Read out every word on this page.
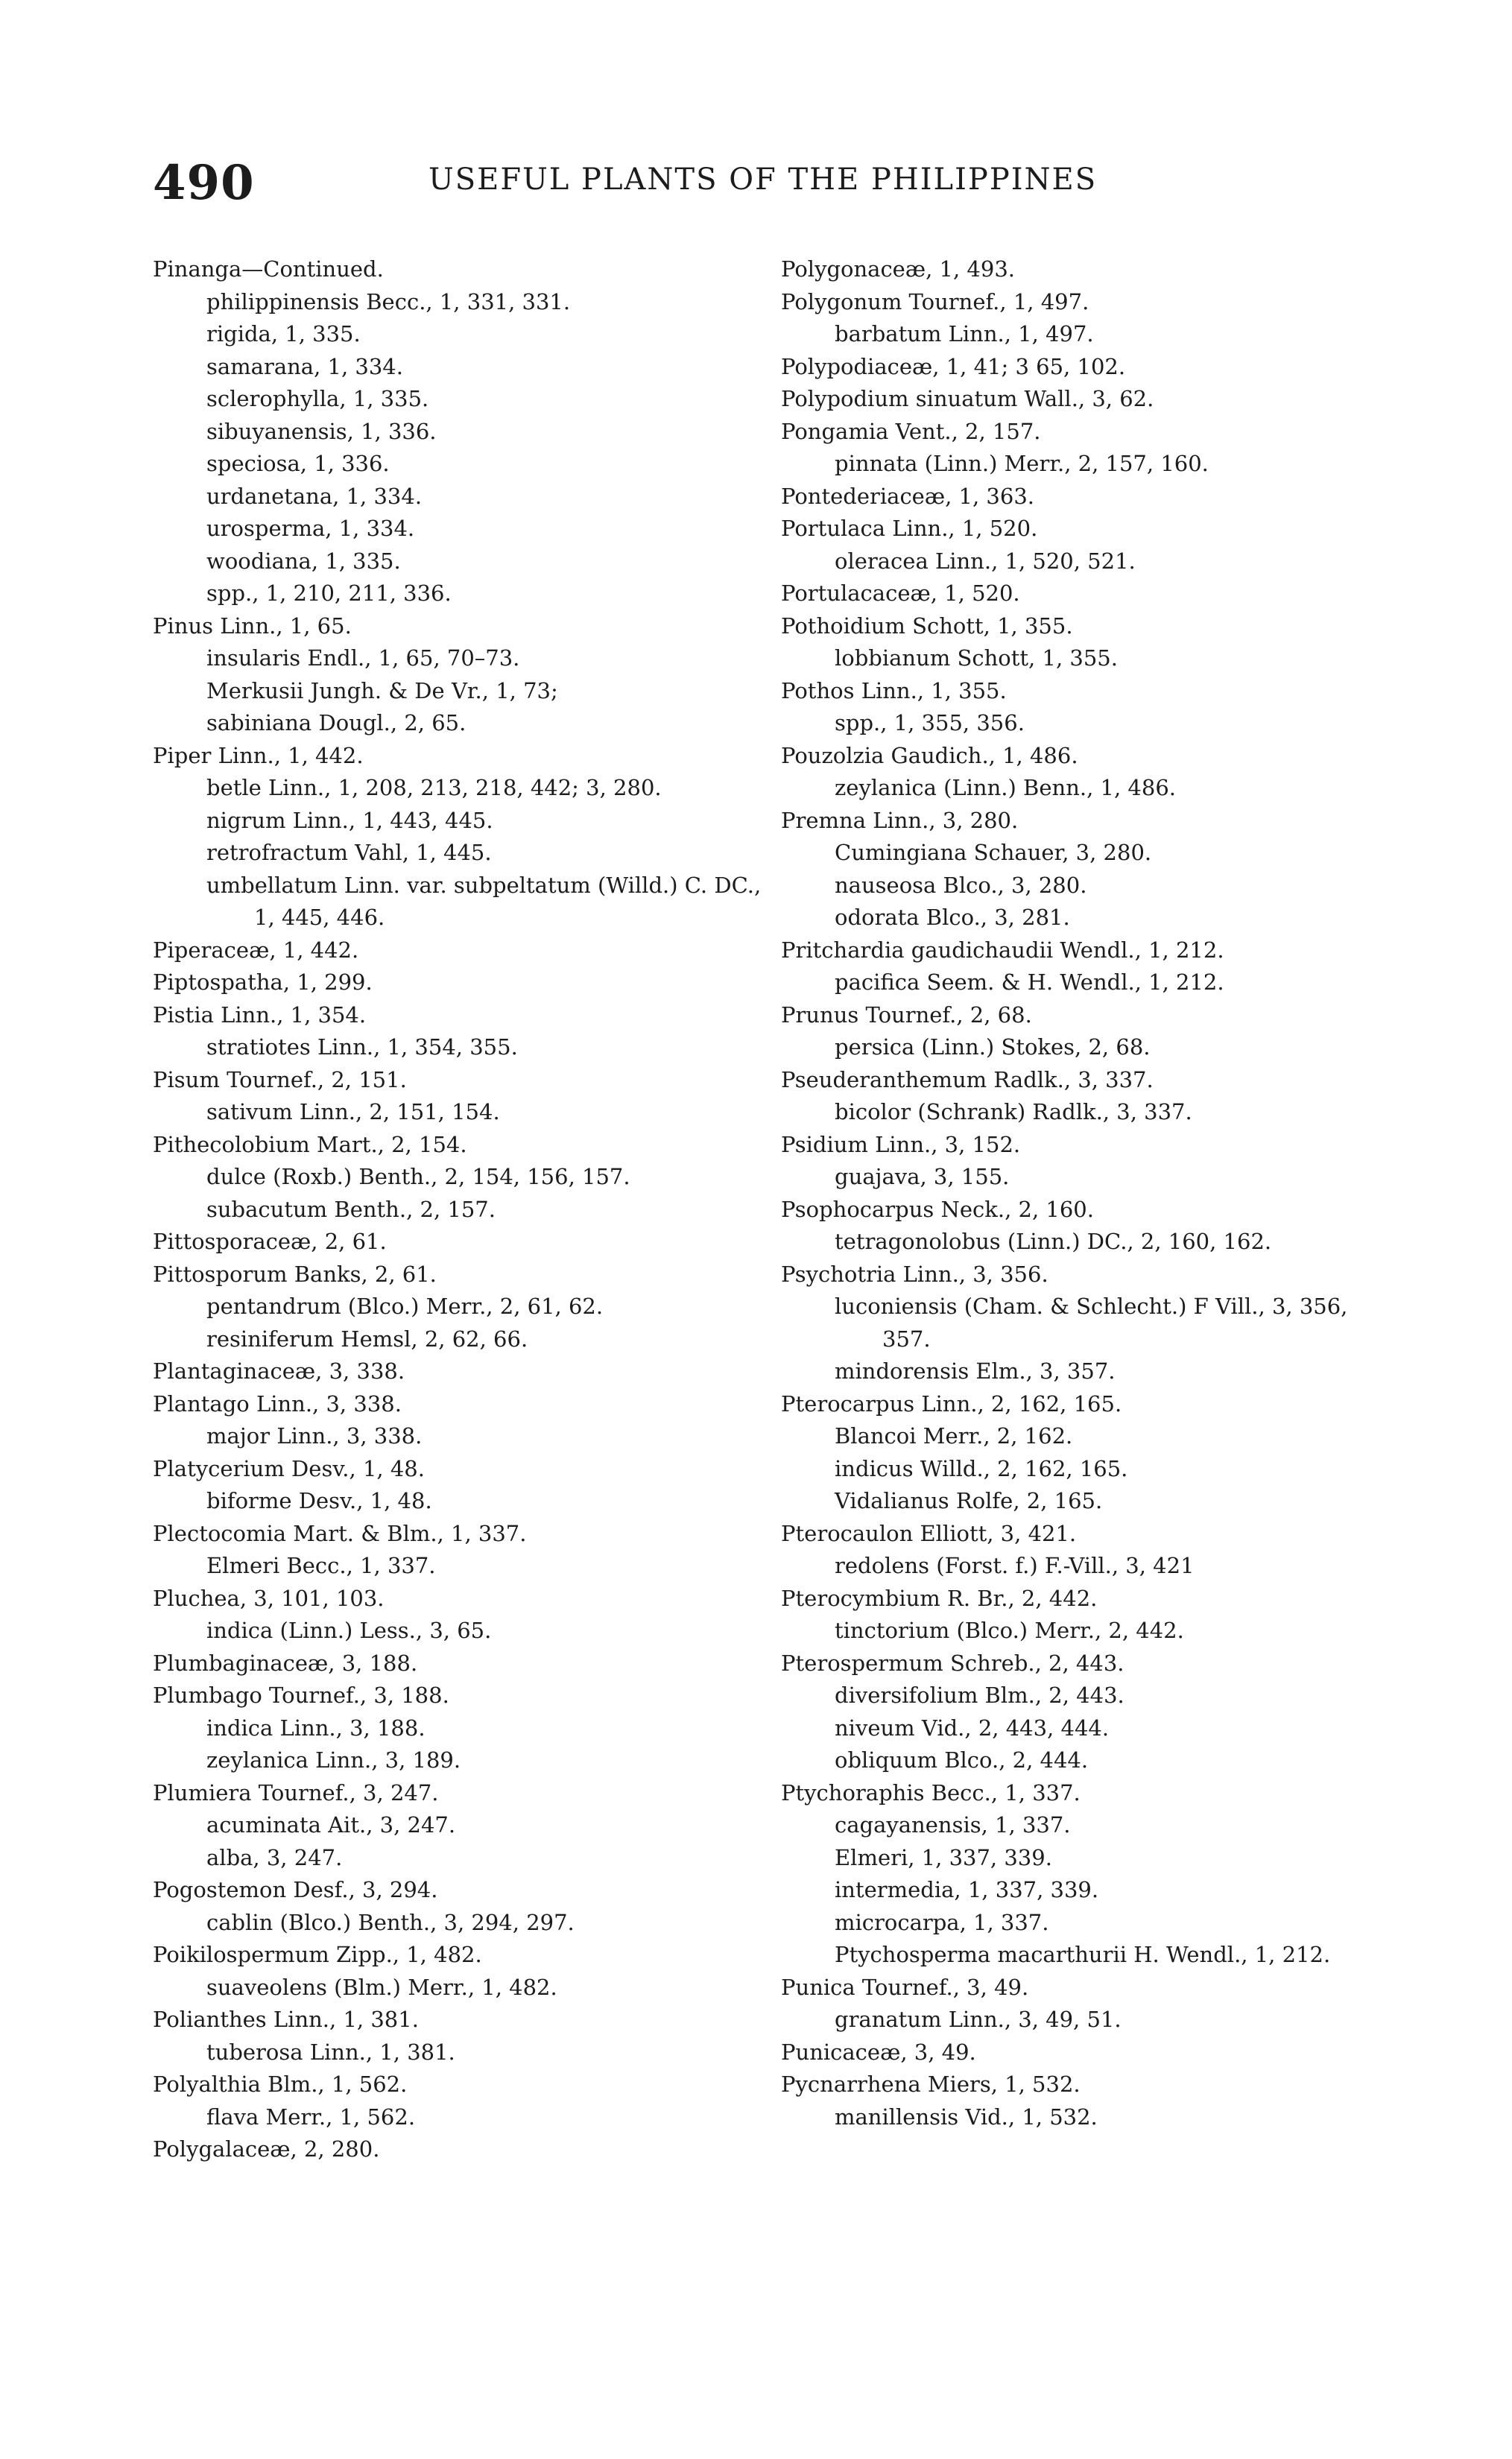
490	USEFUL PLANTS OF THE PHILIPPINES
Pinanga—Continued.
philippinensis Becc., 1, 331, 331.
rigida, 1, 335.
samarana, 1, 334.
sclerophylla, 1, 335.
sibuyanensis, 1, 336.
speciosa, 1, 336.
urdanetana, 1, 334.
urosperma, 1, 334.
woodiana, 1, 335.
spp., 1, 210, 211, 336.
Pinus Linn., 1, 65.
insularis Endl., 1, 65, 70–73.
Merkusii Jungh. & De Vr., 1, 73;
sabiniana Dougl., 2, 65.
Piper Linn., 1, 442.
betle Linn., 1, 208, 213, 218, 442; 3, 280.
nigrum Linn., 1, 443, 445.
retrofractum Vahl, 1, 445.
umbellatum Linn. var. subpeltatum (Willd.) C. DC., 1, 445, 446.
Piperaceæ, 1, 442.
Piptospatha, 1, 299.
Pistia Linn., 1, 354.
stratiotes Linn., 1, 354, 355.
Pisum Tournef., 2, 151.
sativum Linn., 2, 151, 154.
Pithecolobium Mart., 2, 154.
dulce (Roxb.) Benth., 2, 154, 156, 157.
subacutum Benth., 2, 157.
Pittosporaceæ, 2, 61.
Pittosporum Banks, 2, 61.
pentandrum (Blco.) Merr., 2, 61, 62.
resiniferum Hemsl, 2, 62, 66.
Plantaginaceæ, 3, 338.
Plantago Linn., 3, 338.
major Linn., 3, 338.
Platycerium Desv., 1, 48.
biforme Desv., 1, 48.
Plectocomia Mart. & Blm., 1, 337.
Elmeri Becc., 1, 337.
Pluchea, 3, 101, 103.
indica (Linn.) Less., 3, 65.
Plumbaginaceæ, 3, 188.
Plumbago Tournef., 3, 188.
indica Linn., 3, 188.
zeylanica Linn., 3, 189.
Plumiera Tournef., 3, 247.
acuminata Ait., 3, 247.
alba, 3, 247.
Pogostemon Desf., 3, 294.
cablin (Blco.) Benth., 3, 294, 297.
Poikilospermum Zipp., 1, 482.
suaveolens (Blm.) Merr., 1, 482.
Polianthes Linn., 1, 381.
tuberosa Linn., 1, 381.
Polyalthia Blm., 1, 562.
flava Merr., 1, 562.
Polygalaceæ, 2, 280.
Polygonaceæ, 1, 493.
Polygonum Tournef., 1, 497.
barbatum Linn., 1, 497.
Polypodiaceæ, 1, 41; 3 65, 102.
Polypodium sinuatum Wall., 3, 62.
Pongamia Vent., 2, 157.
pinnata (Linn.) Merr., 2, 157, 160.
Pontederiaceæ, 1, 363.
Portulaca Linn., 1, 520.
oleracea Linn., 1, 520, 521.
Portulacaceæ, 1, 520.
Pothoidium Schott, 1, 355.
lobbianum Schott, 1, 355.
Pothos Linn., 1, 355.
spp., 1, 355, 356.
Pouzolzia Gaudich., 1, 486.
zeylanica (Linn.) Benn., 1, 486.
Premna Linn., 3, 280.
Cumingiana Schauer, 3, 280.
nauseosa Blco., 3, 280.
odorata Blco., 3, 281.
Pritchardia gaudichaudii Wendl., 1, 212.
pacifica Seem. & H. Wendl., 1, 212.
Prunus Tournef., 2, 68.
persica (Linn.) Stokes, 2, 68.
Pseuderanthemum Radlk., 3, 337.
bicolor (Schrank) Radlk., 3, 337.
Psidium Linn., 3, 152.
guajava, 3, 155.
Psophocarpus Neck., 2, 160.
tetragonolobus (Linn.) DC., 2, 160, 162.
Psychotria Linn., 3, 356.
luconiensis (Cham. & Schlecht.) F Vill., 3, 356, 357.
mindorensis Elm., 3, 357.
Pterocarpus Linn., 2, 162, 165.
Blancoi Merr., 2, 162.
indicus Willd., 2, 162, 165.
Vidalianus Rolfe, 2, 165.
Pterocaulon Elliott, 3, 421.
redolens (Forst. f.) F.-Vill., 3, 421
Pterocymbium R. Br., 2, 442.
tinctorium (Blco.) Merr., 2, 442.
Pterospermum Schreb., 2, 443.
diversifolium Blm., 2, 443.
niveum Vid., 2, 443, 444.
obliquum Blco., 2, 444.
Ptychoraphis Becc., 1, 337.
cagayanensis, 1, 337.
Elmeri, 1, 337, 339.
intermedia, 1, 337, 339.
microcarpa, 1, 337.
Ptychosperma macarthurii H. Wendl., 1, 212.
Punica Tournef., 3, 49.
granatum Linn., 3, 49, 51.
Punicaceæ, 3, 49.
Pycnarrhena Miers, 1, 532.
manillensis Vid., 1, 532.
